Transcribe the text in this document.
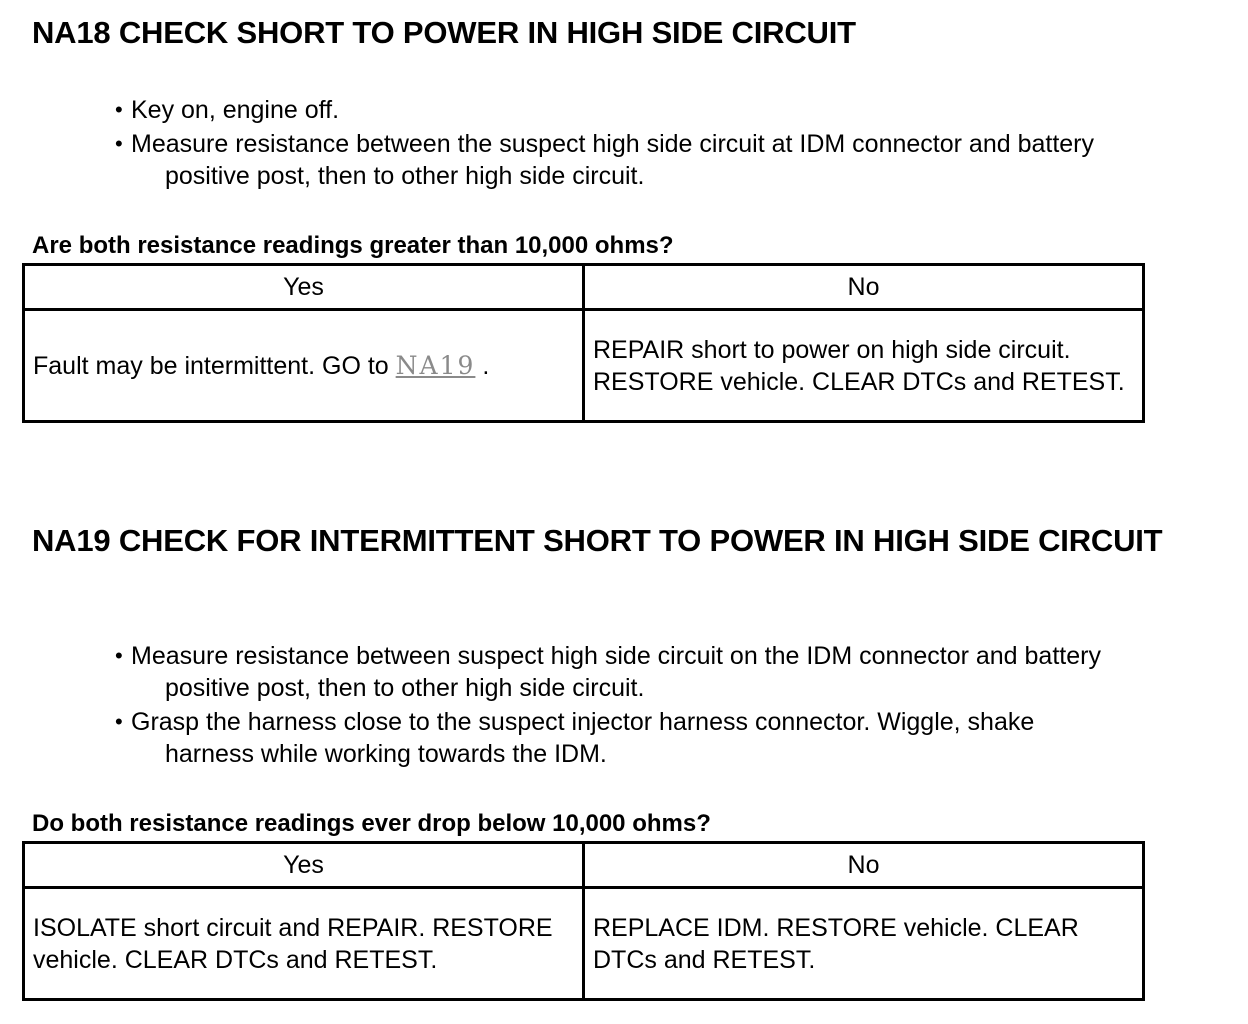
NA18 CHECK SHORT TO POWER IN HIGH SIDE CIRCUIT
• Key on, engine off.
• Measure resistance between the suspect high side circuit at IDM connector and battery
positive post, then to other high side circuit.

Are both resistance readings greater than 10,000 ohms?

Yes	No
Fault may be intermittent. GO to NA19 .	REPAIR short to power on high side circuit. RESTORE vehicle. CLEAR DTCs and RETEST.
NA19 CHECK FOR INTERMITTENT SHORT TO POWER IN HIGH SIDE CIRCUIT
• Measure resistance between suspect high side circuit on the IDM connector and battery
positive post, then to other high side circuit.
• Grasp the harness close to the suspect injector harness connector. Wiggle, shake
harness while working towards the IDM.

Do both resistance readings ever drop below 10,000 ohms?

Yes	No
ISOLATE short circuit and REPAIR. RESTORE vehicle. CLEAR DTCs and RETEST.	REPLACE IDM. RESTORE vehicle. CLEAR DTCs and RETEST.
